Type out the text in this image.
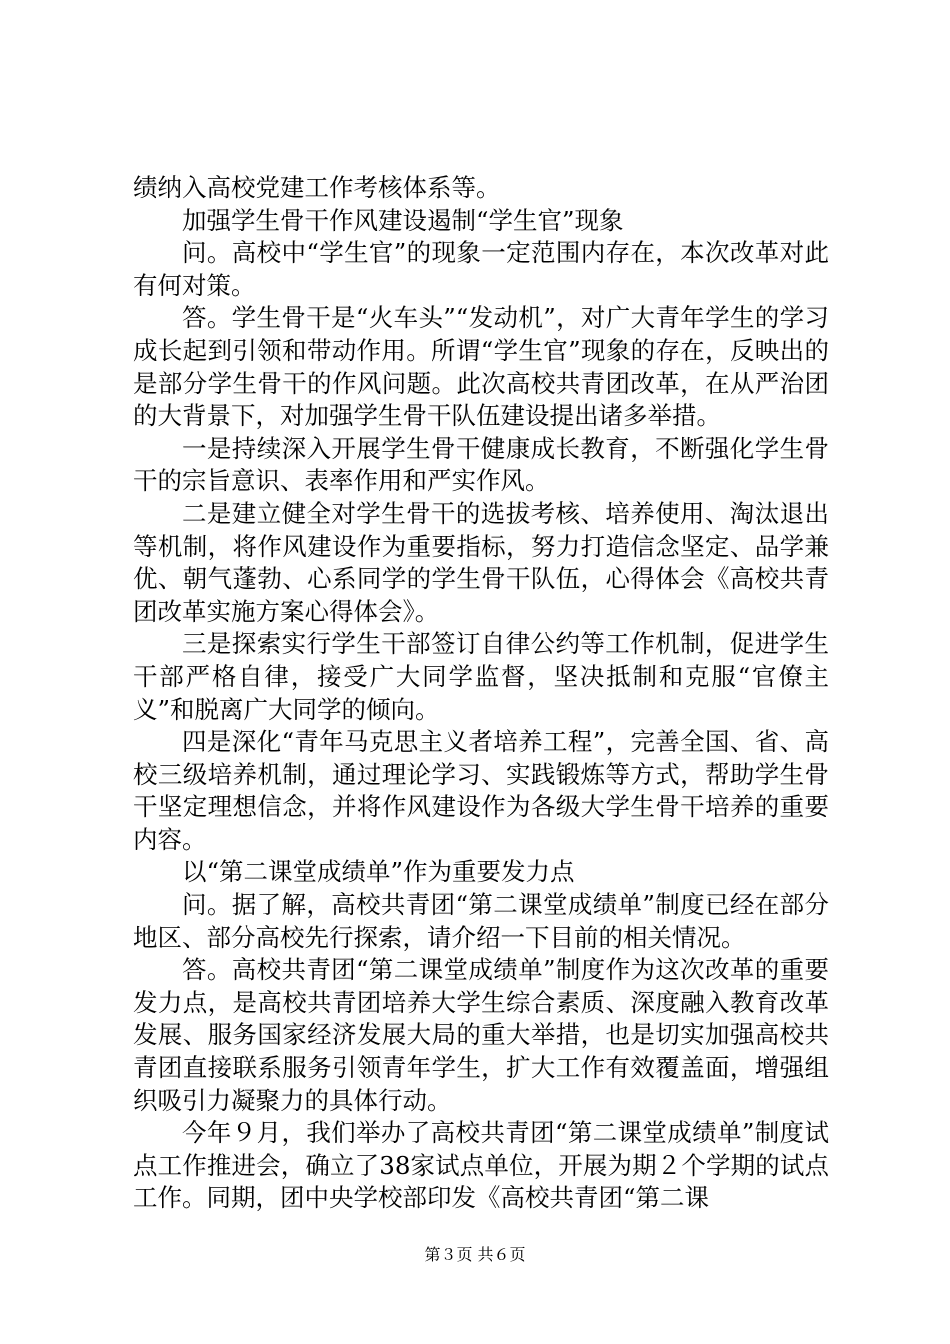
绩纳入高校党建工作考核体系等。

加强学生骨干作风建设遏制“学生官”现象

问。高校中“学生官”的现象一定范围内存在，本次改革对此有何对策。

答。学生骨干是“火车头”“发动机”，对广大青年学生的学习成长起到引领和带动作用。所谓“学生官”现象的存在，反映出的是部分学生骨干的作风问题。此次高校共青团改革，在从严治团的大背景下，对加强学生骨干队伍建设提出诸多举措。

一是持续深入开展学生骨干健康成长教育，不断强化学生骨干的宗旨意识、表率作用和严实作风。

二是建立健全对学生骨干的选拔考核、培养使用、淘汰退出等机制，将作风建设作为重要指标，努力打造信念坚定、品学兼优、朝气蓬勃、心系同学的学生骨干队伍，心得体会《高校共青团改革实施方案心得体会》。

三是探索实行学生干部签订自律公约等工作机制，促进学生干部严格自律，接受广大同学监督，坚决抵制和克服“官僚主义”和脱离广大同学的倾向。

四是深化“青年马克思主义者培养工程”，完善全国、省、高校三级培养机制，通过理论学习、实践锻炼等方式，帮助学生骨干坚定理想信念，并将作风建设作为各级大学生骨干培养的重要内容。

以“第二课堂成绩单”作为重要发力点

问。据了解，高校共青团“第二课堂成绩单”制度已经在部分地区、部分高校先行探索，请介绍一下目前的相关情况。

答。高校共青团“第二课堂成绩单”制度作为这次改革的重要发力点，是高校共青团培养大学生综合素质、深度融入教育改革发展、服务国家经济发展大局的重大举措，也是切实加强高校共青团直接联系服务引领青年学生，扩大工作有效覆盖面，增强组织吸引力凝聚力的具体行动。

今年９月，我们举办了高校共青团“第二课堂成绩单”制度试点工作推进会，确立了38家试点单位，开展为期２个学期的试点工作。同期，团中央学校部印发《高校共青团“第二课

第３页 共６页
